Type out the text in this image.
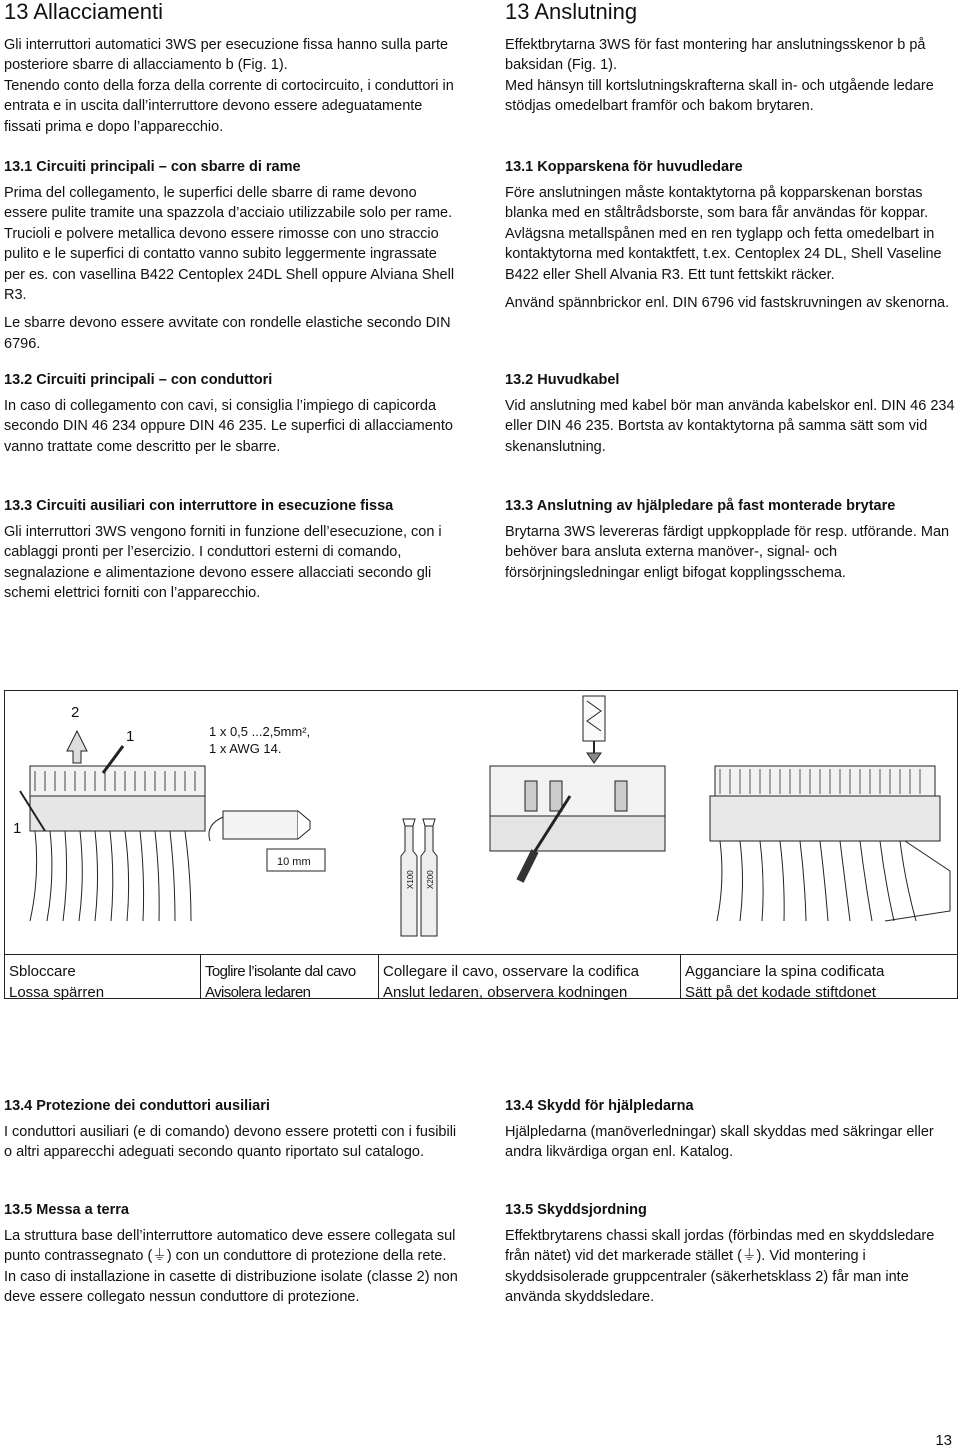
13 Allacciamenti

Gli interruttori automatici 3WS per esecuzione fissa hanno sulla parte posteriore sbarre di allacciamento b (Fig. 1).

Tenendo conto della forza della corrente di cortocircuito, i conduttori in entrata e in uscita dall’interruttore devono essere adeguatamente fissati prima e dopo l’apparecchio.

13.1 Circuiti principali – con sbarre di rame

Prima del collegamento, le superfici delle sbarre di rame devono essere pulite tramite una spazzola d’acciaio utilizzabile solo per rame. Trucioli e polvere metallica devono essere rimosse con uno straccio pulito e le superfici di contatto vanno subito leggermente ingrassate per es. con vasellina B422 Centoplex 24DL Shell oppure Alviana Shell R3.

Le sbarre devono essere avvitate con rondelle elastiche secondo DIN 6796.

13.2 Circuiti principali – con conduttori

In caso di collegamento con cavi, si consiglia l’impiego di capicorda secondo DIN 46 234 oppure DIN 46 235. Le superfici di allacciamento vanno trattate come descritto per le sbarre.

13.3 Circuiti ausiliari con interruttore in esecuzione fissa

Gli interruttori 3WS vengono forniti in funzione dell’esecuzione, con i cablaggi pronti per l’esercizio. I conduttori esterni di comando, segnalazione e alimentazione devono essere allacciati secondo gli schemi elettrici forniti con l’apparecchio.

13.4 Protezione dei conduttori ausiliari

I conduttori ausiliari (e di comando) devono essere protetti con i fusibili o altri apparecchi adeguati secondo quanto riportato sul catalogo.

13.5 Messa a terra

La struttura base dell’interruttore automatico deve essere collegata sul punto contrassegnato (⏚) con un conduttore di protezione della rete. In caso di installazione in casette di distribuzione isolate (classe 2) non deve essere collegato nessun conduttore di protezione.

13 Anslutning

Effektbrytarna 3WS för fast montering har anslutningsskenor b på baksidan (Fig. 1).

Med hänsyn till kortslutningskrafterna skall in- och utgående ledare stödjas omedelbart framför och bakom brytaren.

13.1 Kopparskena för huvudledare

Före anslutningen måste kontaktytorna på kopparskenan borstas blanka med en ståltrådsborste, som bara får användas för koppar. Avlägsna metallspånen med en ren tyglapp och fetta omedelbart in kontaktytorna med kontaktfett, t.ex. Centoplex 24 DL, Shell Vaseline B422 eller Shell Alvania R3. Ett tunt fettskikt räcker.

Använd spännbrickor enl. DIN 6796 vid fastskruvningen av skenorna.

13.2 Huvudkabel

Vid anslutning med kabel bör man använda kabelskor enl. DIN 46 234 eller DIN 46 235. Bortsta av kontaktytorna på samma sätt som vid skenanslutning.

13.3 Anslutning av hjälpledare på fast monterade brytare

Brytarna 3WS levereras färdigt uppkopplade för resp. utförande. Man behöver bara ansluta externa manöver-, signal- och försörjningsledningar enligt bifogat kopplingsschema.

13.4 Skydd för hjälpledarna

Hjälpledarna (manöverledningar) skall skyddas med säkringar eller andra likvärdiga organ enl. Katalog.

13.5 Skyddsjordning

Effektbrytarens chassi skall jordas (förbindas med en skyddsledare från nätet) vid det markerade stället (⏚). Vid montering i skyddsisolerade gruppcentraler (säkerhetsklass 2) får man inte använda skyddsledare.

2
1
1
1 x 0,5 ...2,5mm²,
1 x AWG 14.
10 mm
X100 X200
Sbloccare
Lossa spärren
Toglire l’isolante dal cavo
Avisolera ledaren
Collegare il cavo, osservare la codifica
Anslut ledaren, observera kodningen
Agganciare la spina codificata
Sätt på det kodade stiftdonet
13
